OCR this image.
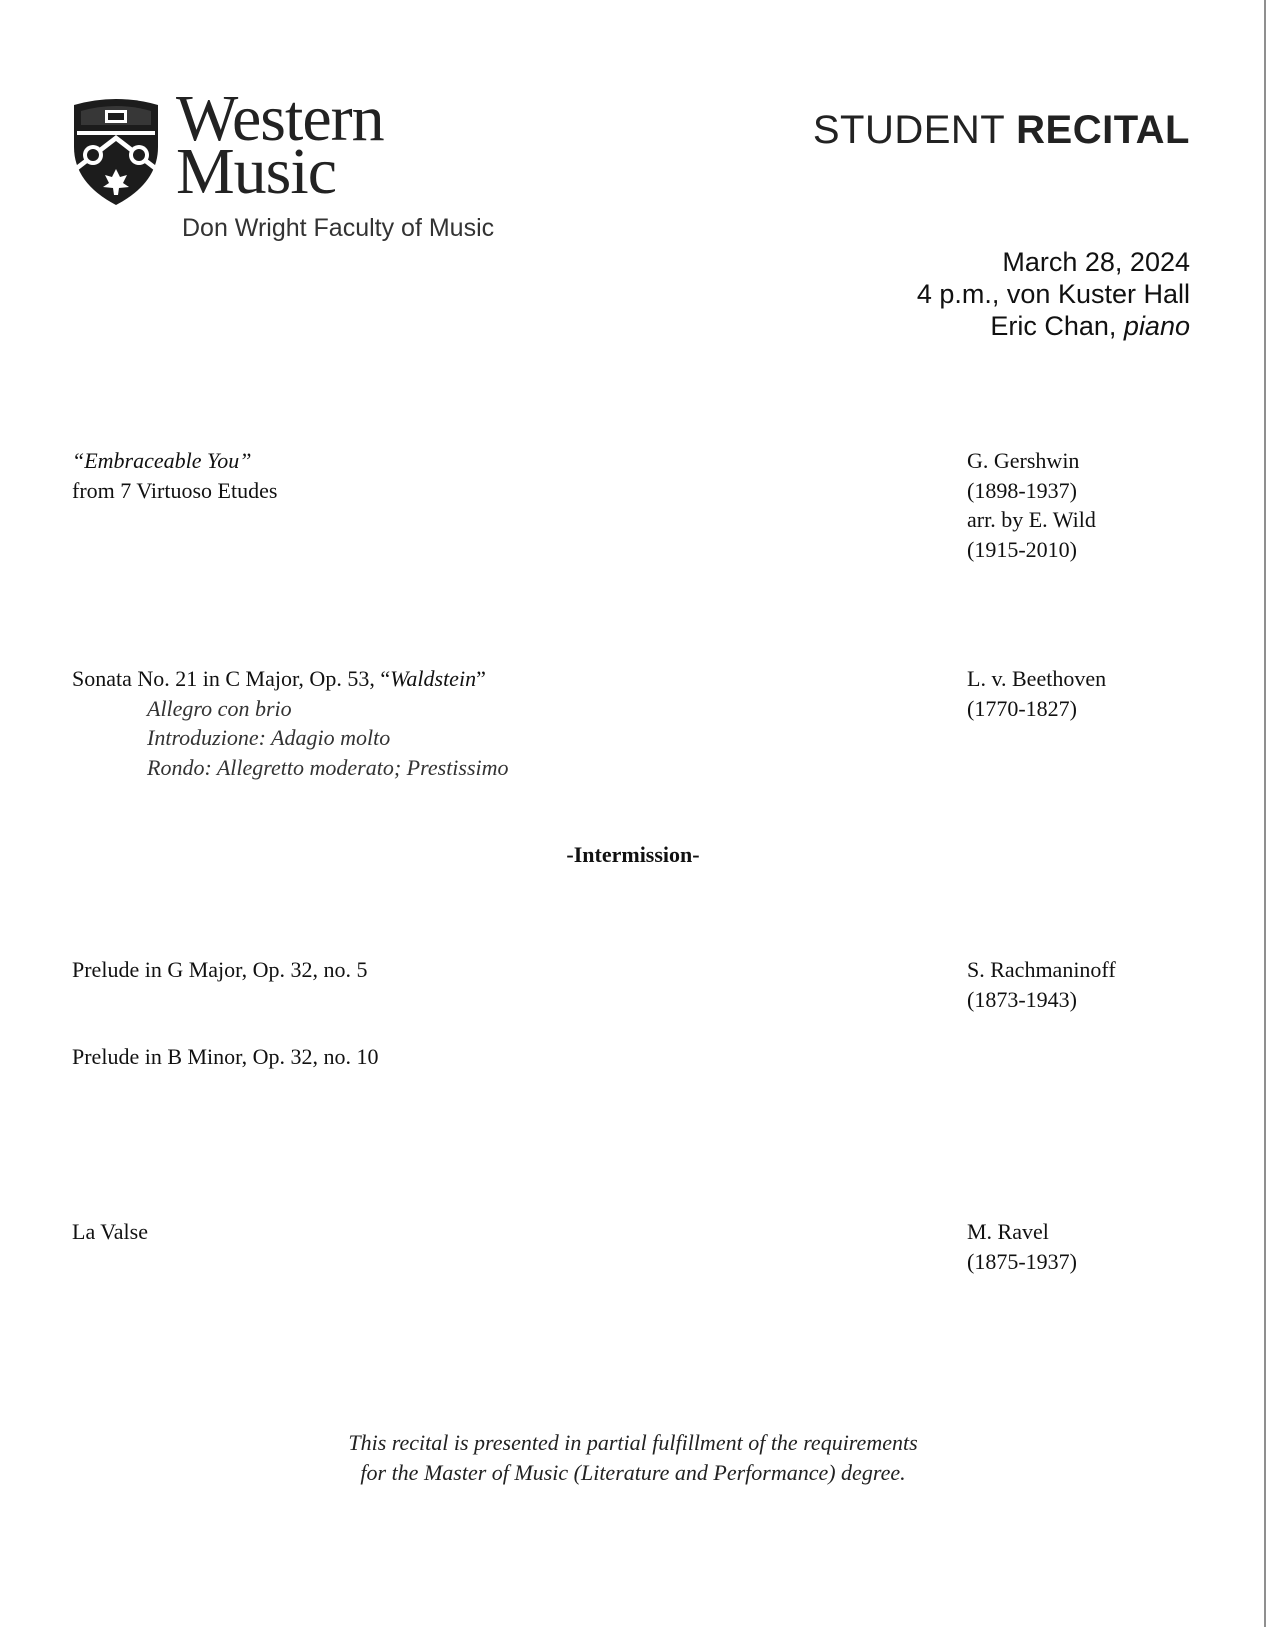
Western
Music
Don Wright Faculty of Music
STUDENT RECITAL
March 28, 2024
4 p.m., von Kuster Hall
Eric Chan, piano
“Embraceable You”
from 7 Virtuoso Etudes
G. Gershwin
(1898-1937)
arr. by E. Wild
(1915-2010)
Sonata No. 21 in C Major, Op. 53, “Waldstein”
Allegro con brio
Introduzione: Adagio molto
Rondo: Allegretto moderato; Prestissimo
L. v. Beethoven
(1770-1827)
-Intermission-
Prelude in G Major, Op. 32, no. 5	S. Rachmaninoff
(1873-1943)
Prelude in B Minor, Op. 32, no. 10
La Valse	M. Ravel
(1875-1937)
This recital is presented in partial fulfillment of the requirements
for the Master of Music (Literature and Performance) degree.
